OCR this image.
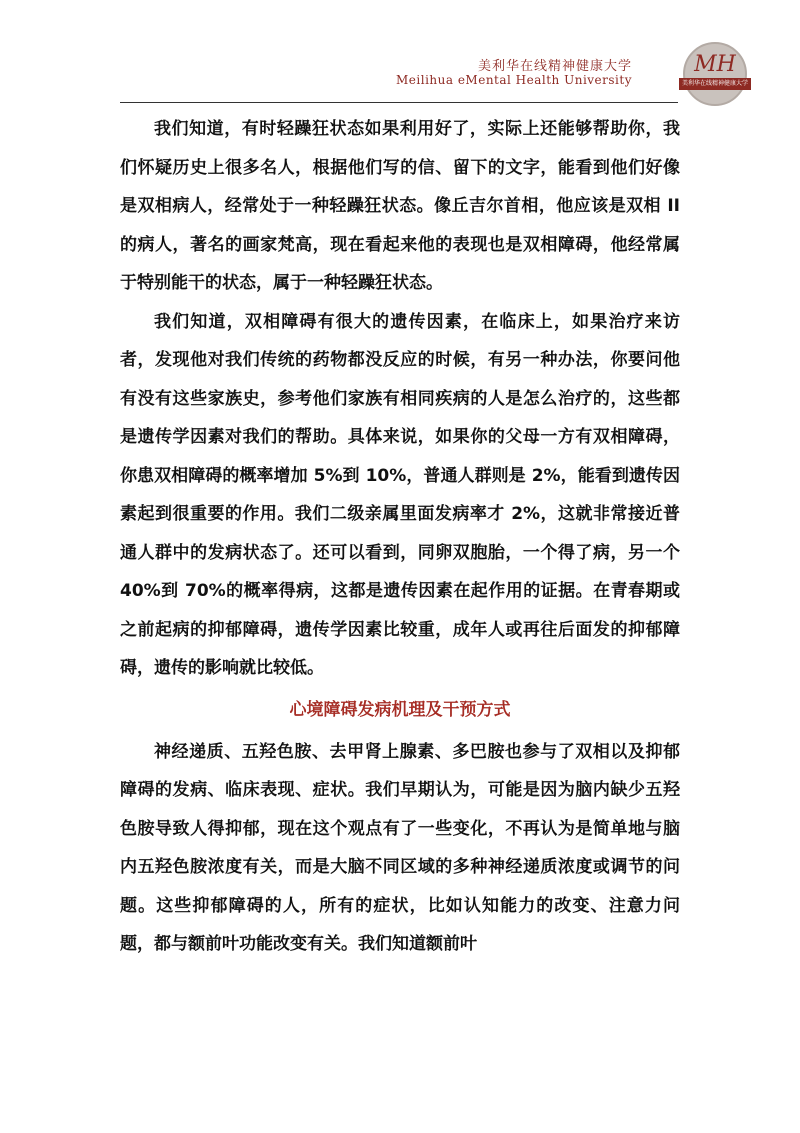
美利华在线精神健康大学
Meilihua eMental Health University
MH
美利华在线精神健康大学

我们知道，有时轻躁狂状态如果利用好了，实际上还能够帮助你，我们怀疑历史上很多名人，根据他们写的信、留下的文字，能看到他们好像是双相病人，经常处于一种轻躁狂状态。像丘吉尔首相，他应该是双相 II 的病人，著名的画家梵高，现在看起来他的表现也是双相障碍，他经常属于特别能干的状态，属于一种轻躁狂状态。

我们知道，双相障碍有很大的遗传因素，在临床上，如果治疗来访者，发现他对我们传统的药物都没反应的时候，有另一种办法，你要问他有没有这些家族史，参考他们家族有相同疾病的人是怎么治疗的，这些都是遗传学因素对我们的帮助。具体来说，如果你的父母一方有双相障碍，你患双相障碍的概率增加 5%到 10%，普通人群则是 2%，能看到遗传因素起到很重要的作用。我们二级亲属里面发病率才 2%，这就非常接近普通人群中的发病状态了。还可以看到，同卵双胞胎，一个得了病，另一个 40%到 70%的概率得病，这都是遗传因素在起作用的证据。在青春期或之前起病的抑郁障碍，遗传学因素比较重，成年人或再往后面发的抑郁障碍，遗传的影响就比较低。

心境障碍发病机理及干预方式

神经递质、五羟色胺、去甲肾上腺素、多巴胺也参与了双相以及抑郁障碍的发病、临床表现、症状。我们早期认为，可能是因为脑内缺少五羟色胺导致人得抑郁，现在这个观点有了一些变化，不再认为是简单地与脑内五羟色胺浓度有关，而是大脑不同区域的多种神经递质浓度或调节的问题。这些抑郁障碍的人，所有的症状，比如认知能力的改变、注意力问题，都与额前叶功能改变有关。我们知道额前叶
